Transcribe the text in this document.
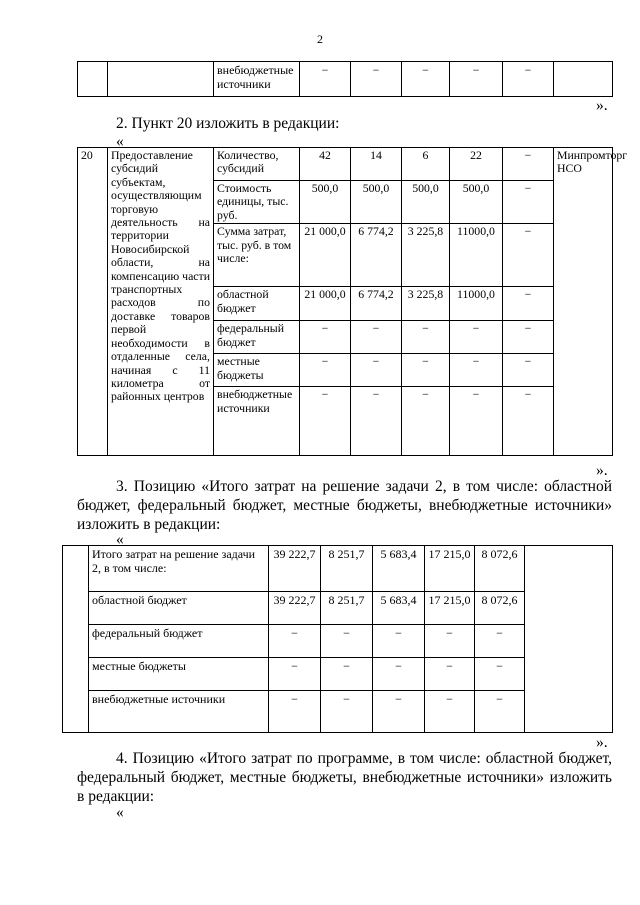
2
		внебюджетные источники	−	−	−	−	−	
».
2. Пункт 20 изложить в редакции:
«
20	Предоставление субсидий субъектам, осуществляющим торговую деятельность на территории Новосибирской области, на компенсацию части транспортных расходов по доставке товаров первой необходимости в отдаленные села, начиная с 11 километра от районных центров	Количество, субсидий	42	14	6	22	−	Минпромторг НСО
		Стоимость единицы, тыс. руб.	500,0	500,0	500,0	500,0	−	
		Сумма затрат, тыс. руб. в том числе:	21 000,0	6 774,2	3 225,8	11000,0	−	
		областной бюджет	21 000,0	6 774,2	3 225,8	11000,0	−	
		федеральный бюджет	−	−	−	−	−	
		местные бюджеты	−	−	−	−	−	
		внебюджетные источники	−	−	−	−	−	
».
3. Позицию «Итого затрат на решение задачи 2, в том числе: областной бюджет, федеральный бюджет, местные бюджеты, внебюджетные источники» изложить в редакции:
«
	Итого затрат на решение задачи 2, в том числе:	39 222,7	8 251,7	5 683,4	17 215,0	8 072,6	
	областной бюджет	39 222,7	8 251,7	5 683,4	17 215,0	8 072,6	
	федеральный бюджет	−	−	−	−	−	
	местные бюджеты	−	−	−	−	−	
	внебюджетные источники	−	−	−	−	−	
».
4. Позицию «Итого затрат по программе, в том числе: областной бюджет, федеральный бюджет, местные бюджеты, внебюджетные источники» изложить в редакции:
«
